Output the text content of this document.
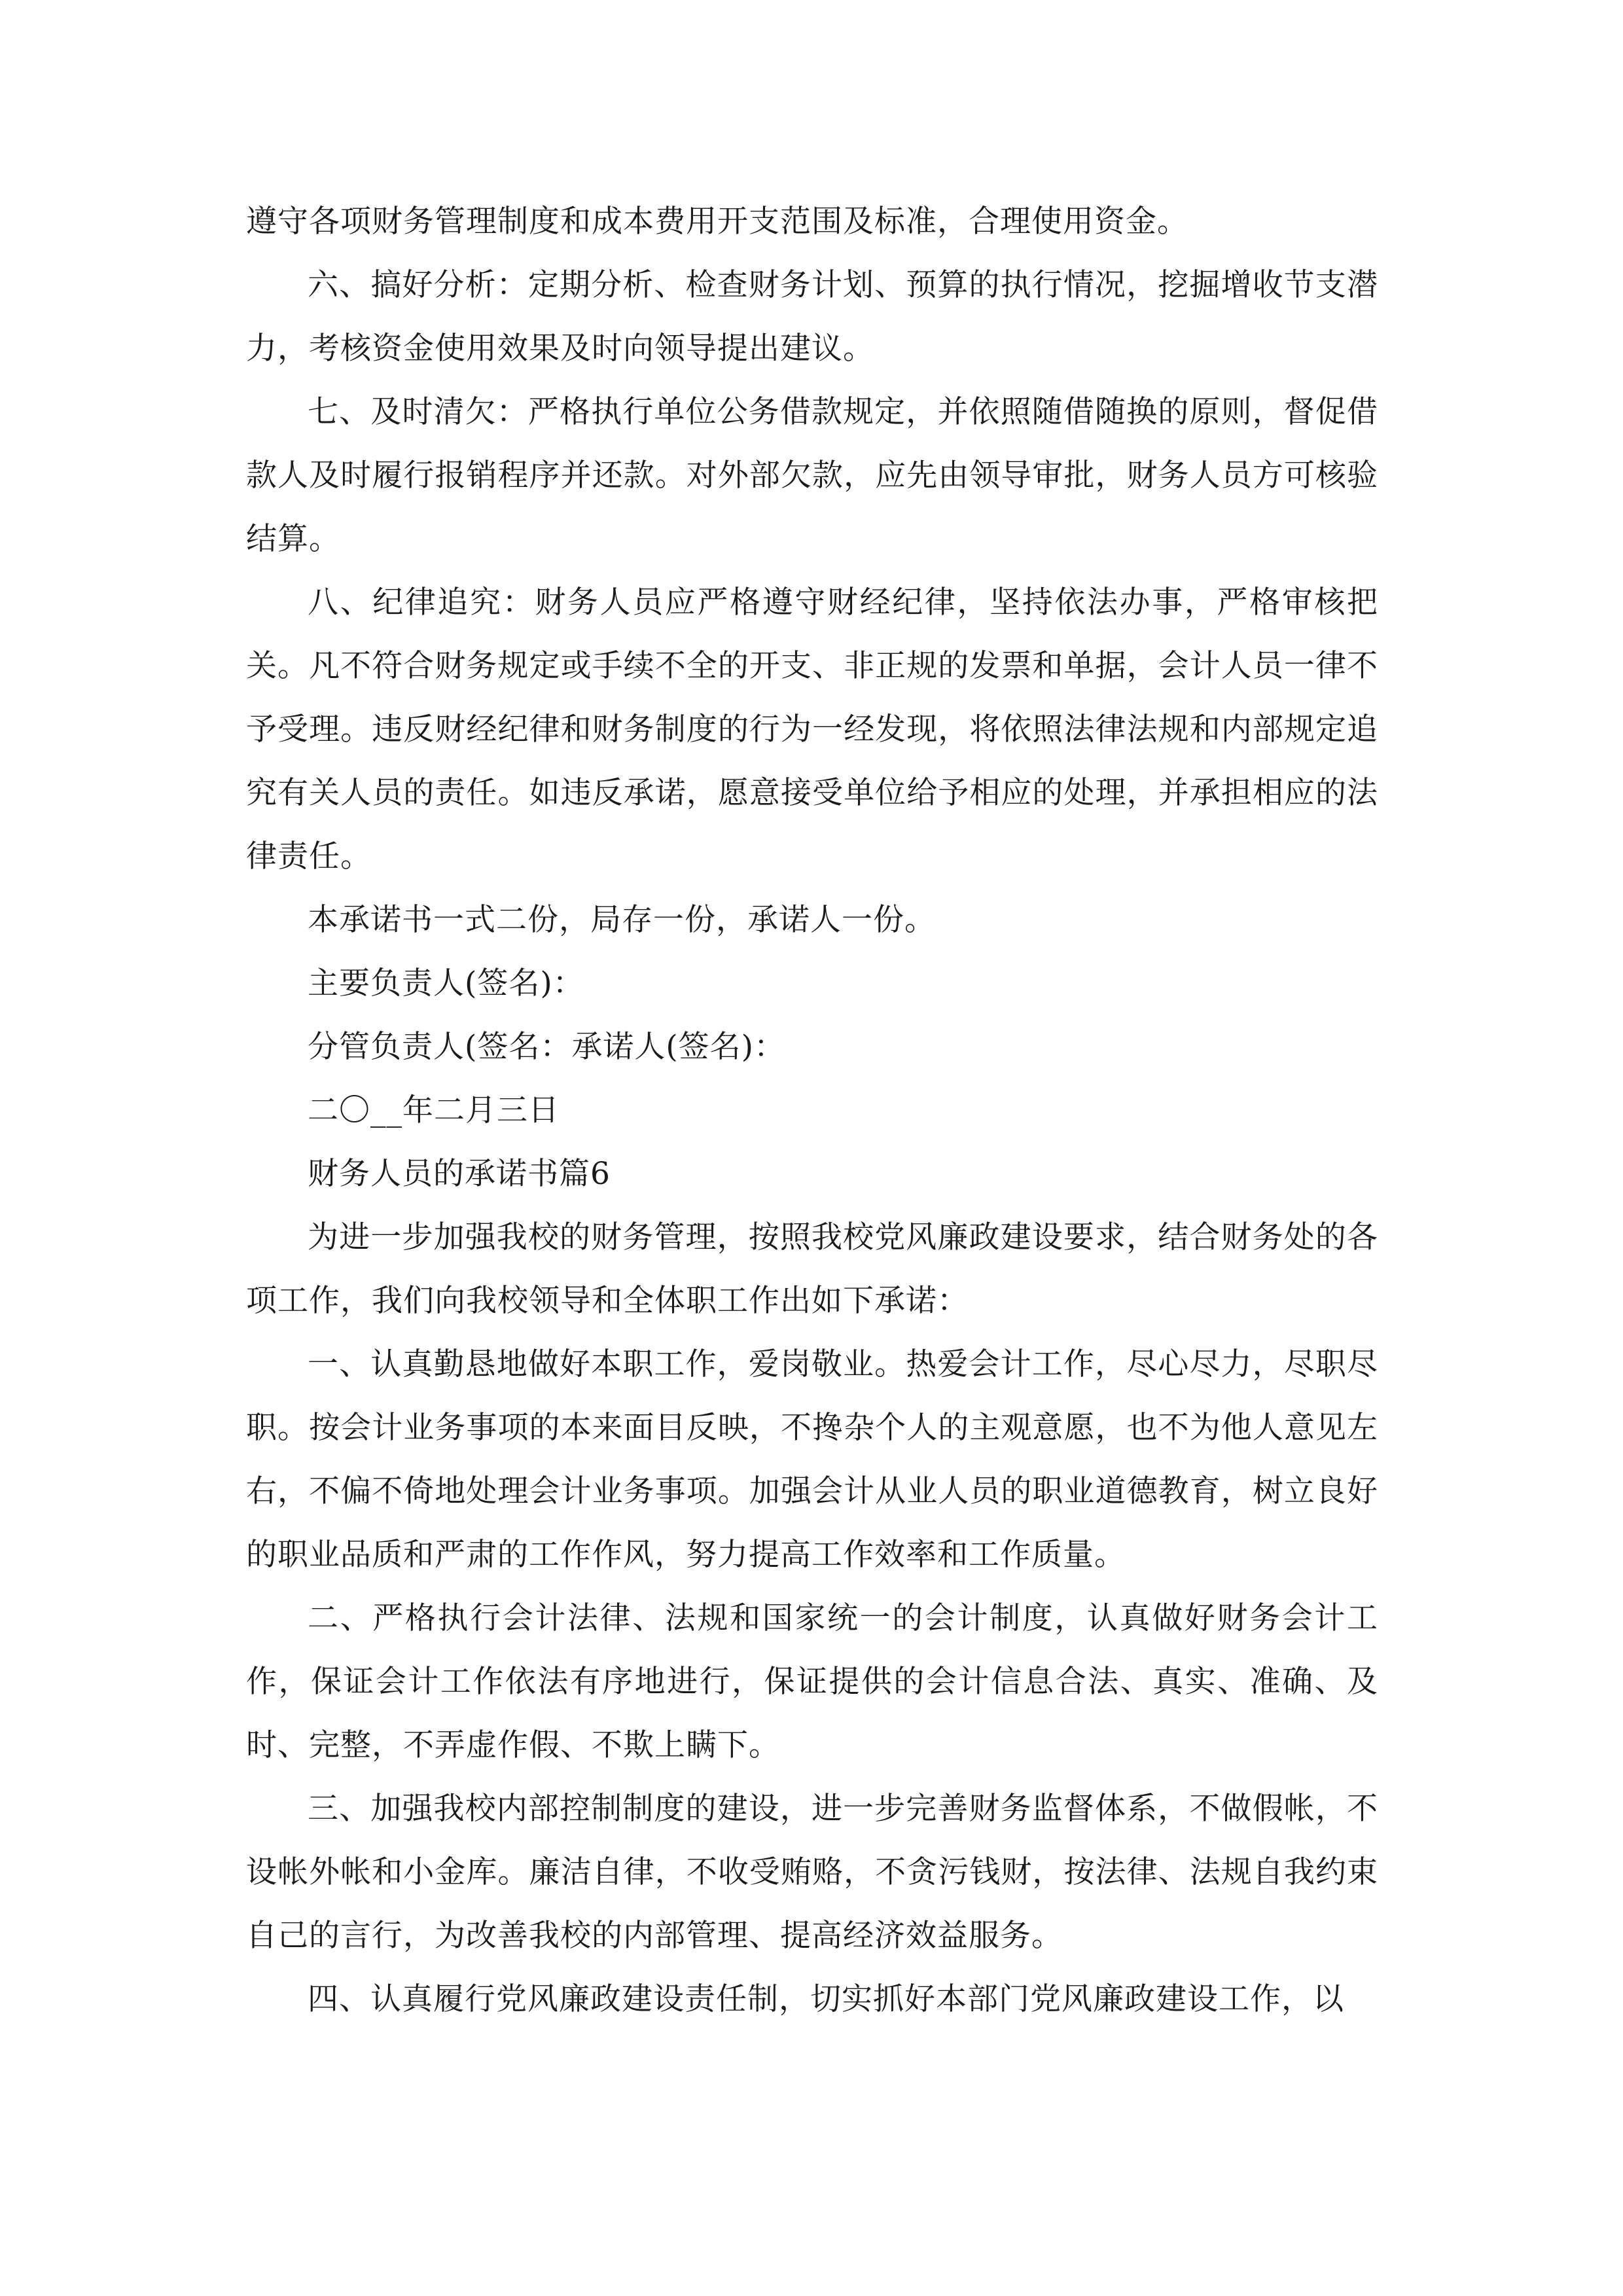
遵守各项财务管理制度和成本费用开支范围及标准，合理使用资金。

六、搞好分析：定期分析、检查财务计划、预算的执行情况，挖掘增收节支潜力，考核资金使用效果及时向领导提出建议。

七、及时清欠：严格执行单位公务借款规定，并依照随借随换的原则，督促借款人及时履行报销程序并还款。对外部欠款，应先由领导审批，财务人员方可核验结算。

八、纪律追究：财务人员应严格遵守财经纪律，坚持依法办事，严格审核把关。凡不符合财务规定或手续不全的开支、非正规的发票和单据，会计人员一律不予受理。违反财经纪律和财务制度的行为一经发现，将依照法律法规和内部规定追究有关人员的责任。如违反承诺，愿意接受单位给予相应的处理，并承担相应的法律责任。

本承诺书一式二份，局存一份，承诺人一份。

主要负责人(签名)：

分管负责人(签名：承诺人(签名)：

二〇__年二月三日

财务人员的承诺书篇6

为进一步加强我校的财务管理，按照我校党风廉政建设要求，结合财务处的各项工作，我们向我校领导和全体职工作出如下承诺：

一、认真勤恳地做好本职工作，爱岗敬业。热爱会计工作，尽心尽力，尽职尽职。按会计业务事项的本来面目反映，不搀杂个人的主观意愿，也不为他人意见左右，不偏不倚地处理会计业务事项。加强会计从业人员的职业道德教育，树立良好的职业品质和严肃的工作作风，努力提高工作效率和工作质量。

二、严格执行会计法律、法规和国家统一的会计制度，认真做好财务会计工作，保证会计工作依法有序地进行，保证提供的会计信息合法、真实、准确、及时、完整，不弄虚作假、不欺上瞒下。

三、加强我校内部控制制度的建设，进一步完善财务监督体系，不做假帐，不设帐外帐和小金库。廉洁自律，不收受贿赂，不贪污钱财，按法律、法规自我约束自己的言行，为改善我校的内部管理、提高经济效益服务。

四、认真履行党风廉政建设责任制，切实抓好本部门党风廉政建设工作，以
